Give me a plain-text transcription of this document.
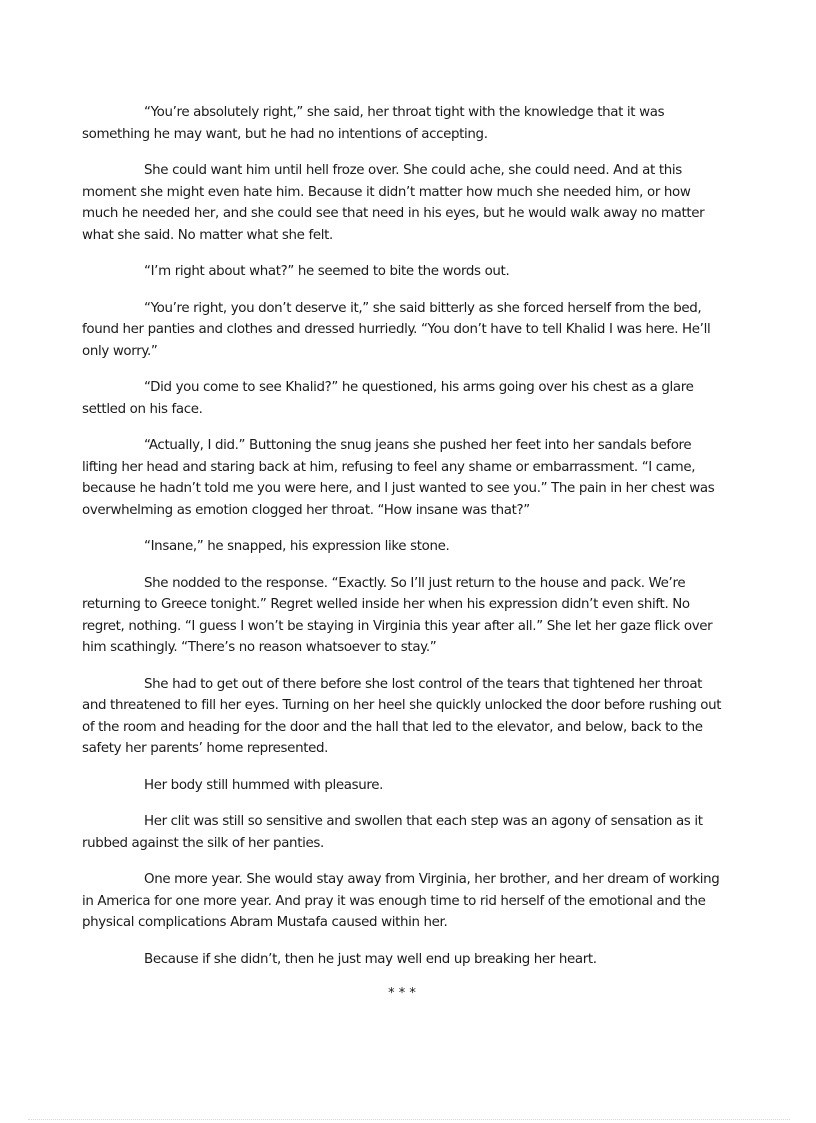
“You’re absolutely right,” she said, her throat tight with the knowledge that it was something he may want, but he had no intentions of accepting.

She could want him until hell froze over. She could ache, she could need. And at this moment she might even hate him. Because it didn’t matter how much she needed him, or how much he needed her, and she could see that need in his eyes, but he would walk away no matter what she said. No matter what she felt.

“I’m right about what?” he seemed to bite the words out.

“You’re right, you don’t deserve it,” she said bitterly as she forced herself from the bed, found her panties and clothes and dressed hurriedly. “You don’t have to tell Khalid I was here. He’ll only worry.”

“Did you come to see Khalid?” he questioned, his arms going over his chest as a glare settled on his face.

“Actually, I did.” Buttoning the snug jeans she pushed her feet into her sandals before lifting her head and staring back at him, refusing to feel any shame or embarrassment. “I came, because he hadn’t told me you were here, and I just wanted to see you.” The pain in her chest was overwhelming as emotion clogged her throat. “How insane was that?”

“Insane,” he snapped, his expression like stone.

She nodded to the response. “Exactly. So I’ll just return to the house and pack. We’re returning to Greece tonight.” Regret welled inside her when his expression didn’t even shift. No regret, nothing. “I guess I won’t be staying in Virginia this year after all.” She let her gaze flick over him scathingly. “There’s no reason whatsoever to stay.”

She had to get out of there before she lost control of the tears that tightened her throat and threatened to fill her eyes. Turning on her heel she quickly unlocked the door before rushing out of the room and heading for the door and the hall that led to the elevator, and below, back to the safety her parents’ home represented.

Her body still hummed with pleasure.

Her clit was still so sensitive and swollen that each step was an agony of sensation as it rubbed against the silk of her panties.

One more year. She would stay away from Virginia, her brother, and her dream of working in America for one more year. And pray it was enough time to rid herself of the emotional and the physical complications Abram Mustafa caused within her.

Because if she didn’t, then he just may well end up breaking her heart.

* * *
